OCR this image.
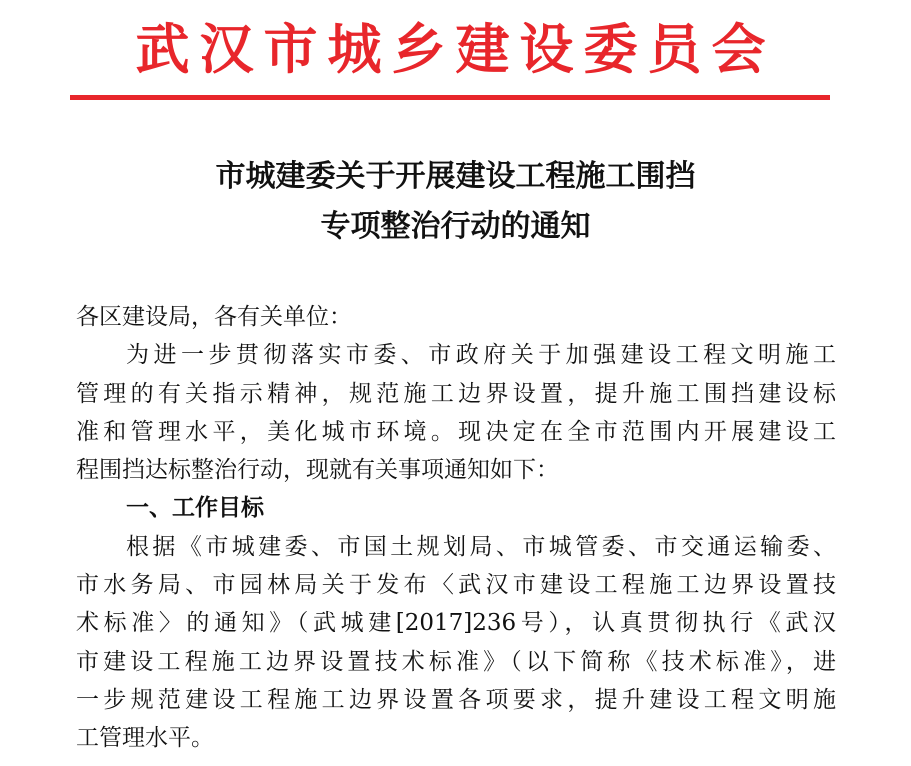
武汉市城乡建设委员会
市城建委关于开展建设工程施工围挡
专项整治行动的通知
各区建设局，各有关单位：
为进一步贯彻落实市委、市政府关于加强建设工程文明施工
管理的有关指示精神，规范施工边界设置，提升施工围挡建设标
准和管理水平，美化城市环境。现决定在全市范围内开展建设工
程围挡达标整治行动，现就有关事项通知如下：
一、工作目标
根据《市城建委、市国土规划局、市城管委、市交通运输委、
市水务局、市园林局关于发布〈武汉市建设工程施工边界设置技
术标准〉的通知》（武城建[2017]236号），认真贯彻执行《武汉
市建设工程施工边界设置技术标准》（以下简称《技术标准》，进
一步规范建设工程施工边界设置各项要求，提升建设工程文明施
工管理水平。
